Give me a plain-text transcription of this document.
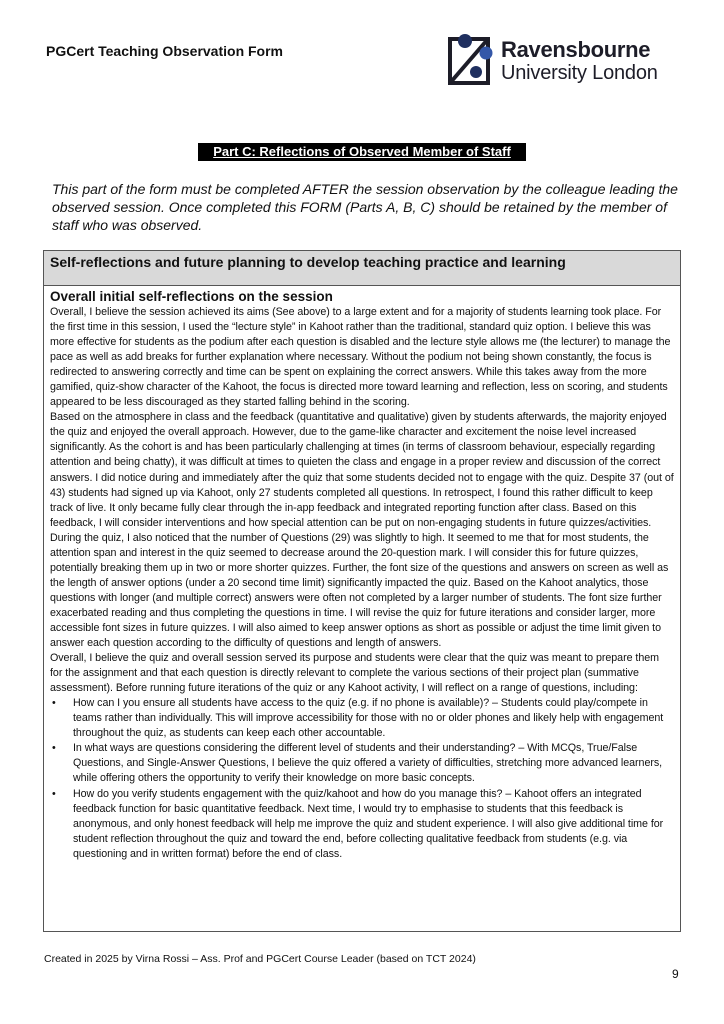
PGCert Teaching Observation Form	Ravensbourne
University London
Part C: Reflections of Observed Member of Staff
This part of the form must be completed AFTER the session observation by the colleague leading the observed session. Once completed this FORM (Parts A, B, C) should be retained by the member of staff who was observed.
Self-reflections and future planning to develop teaching practice and learning
Overall initial self-reflections on the session

Overall, I believe the session achieved its aims (See above) to a large extent and for a majority of students learning took place. For the first time in this session, I used the “lecture style” in Kahoot rather than the traditional, standard quiz option. I believe this was more effective for students as the podium after each question is disabled and the lecture style allows me (the lecturer) to manage the pace as well as add breaks for further explanation where necessary. Without the podium not being shown constantly, the focus is redirected to answering correctly and time can be spent on explaining the correct answers. While this takes away from the more gamified, quiz-show character of the Kahoot, the focus is directed more toward learning and reflection, less on scoring, and students appeared to be less discouraged as they started falling behind in the scoring.

Based on the atmosphere in class and the feedback (quantitative and qualitative) given by students afterwards, the majority enjoyed the quiz and enjoyed the overall approach. However, due to the game-like character and excitement the noise level increased significantly. As the cohort is and has been particularly challenging at times (in terms of classroom behaviour, especially regarding attention and being chatty), it was difficult at times to quieten the class and engage in a proper review and discussion of the correct answers. I did notice during and immediately after the quiz that some students decided not to engage with the quiz. Despite 37 (out of 43) students had signed up via Kahoot, only 27 students completed all questions. In retrospect, I found this rather difficult to keep track of live. It only became fully clear through the in-app feedback and integrated reporting function after class. Based on this feedback, I will consider interventions and how special attention can be put on non-engaging students in future quizzes/activities.

During the quiz, I also noticed that the number of Questions (29) was slightly to high. It seemed to me that for most students, the attention span and interest in the quiz seemed to decrease around the 20-question mark. I will consider this for future quizzes, potentially breaking them up in two or more shorter quizzes. Further, the font size of the questions and answers on screen as well as the length of answer options (under a 20 second time limit) significantly impacted the quiz. Based on the Kahoot analytics, those questions with longer (and multiple correct) answers were often not completed by a larger number of students. The font size further exacerbated reading and thus completing the questions in time. I will revise the quiz for future iterations and consider larger, more accessible font sizes in future quizzes. I will also aimed to keep answer options as short as possible or adjust the time limit given to answer each question according to the difficulty of questions and length of answers.

Overall, I believe the quiz and overall session served its purpose and students were clear that the quiz was meant to prepare them for the assignment and that each question is directly relevant to complete the various sections of their project plan (summative assessment). Before running future iterations of the quiz or any Kahoot activity, I will reflect on a range of questions, including:

• How can I you ensure all students have access to the quiz (e.g. if no phone is available)? – Students could play/compete in teams rather than individually. This will improve accessibility for those with no or older phones and likely help with engagement throughout the quiz, as students can keep each other accountable.
• In what ways are questions considering the different level of students and their understanding? – With MCQs, True/False Questions, and Single-Answer Questions, I believe the quiz offered a variety of difficulties, stretching more advanced learners, while offering others the opportunity to verify their knowledge on more basic concepts.
• How do you verify students engagement with the quiz/kahoot and how do you manage this? – Kahoot offers an integrated feedback function for basic quantitative feedback. Next time, I would try to emphasise to students that this feedback is anonymous, and only honest feedback will help me improve the quiz and student experience. I will also give additional time for student reflection throughout the quiz and toward the end, before collecting qualitative feedback from students (e.g. via questioning and in written format) before the end of class.
Created in 2025 by Virna Rossi – Ass. Prof and PGCert Course Leader (based on TCT 2024)
9
